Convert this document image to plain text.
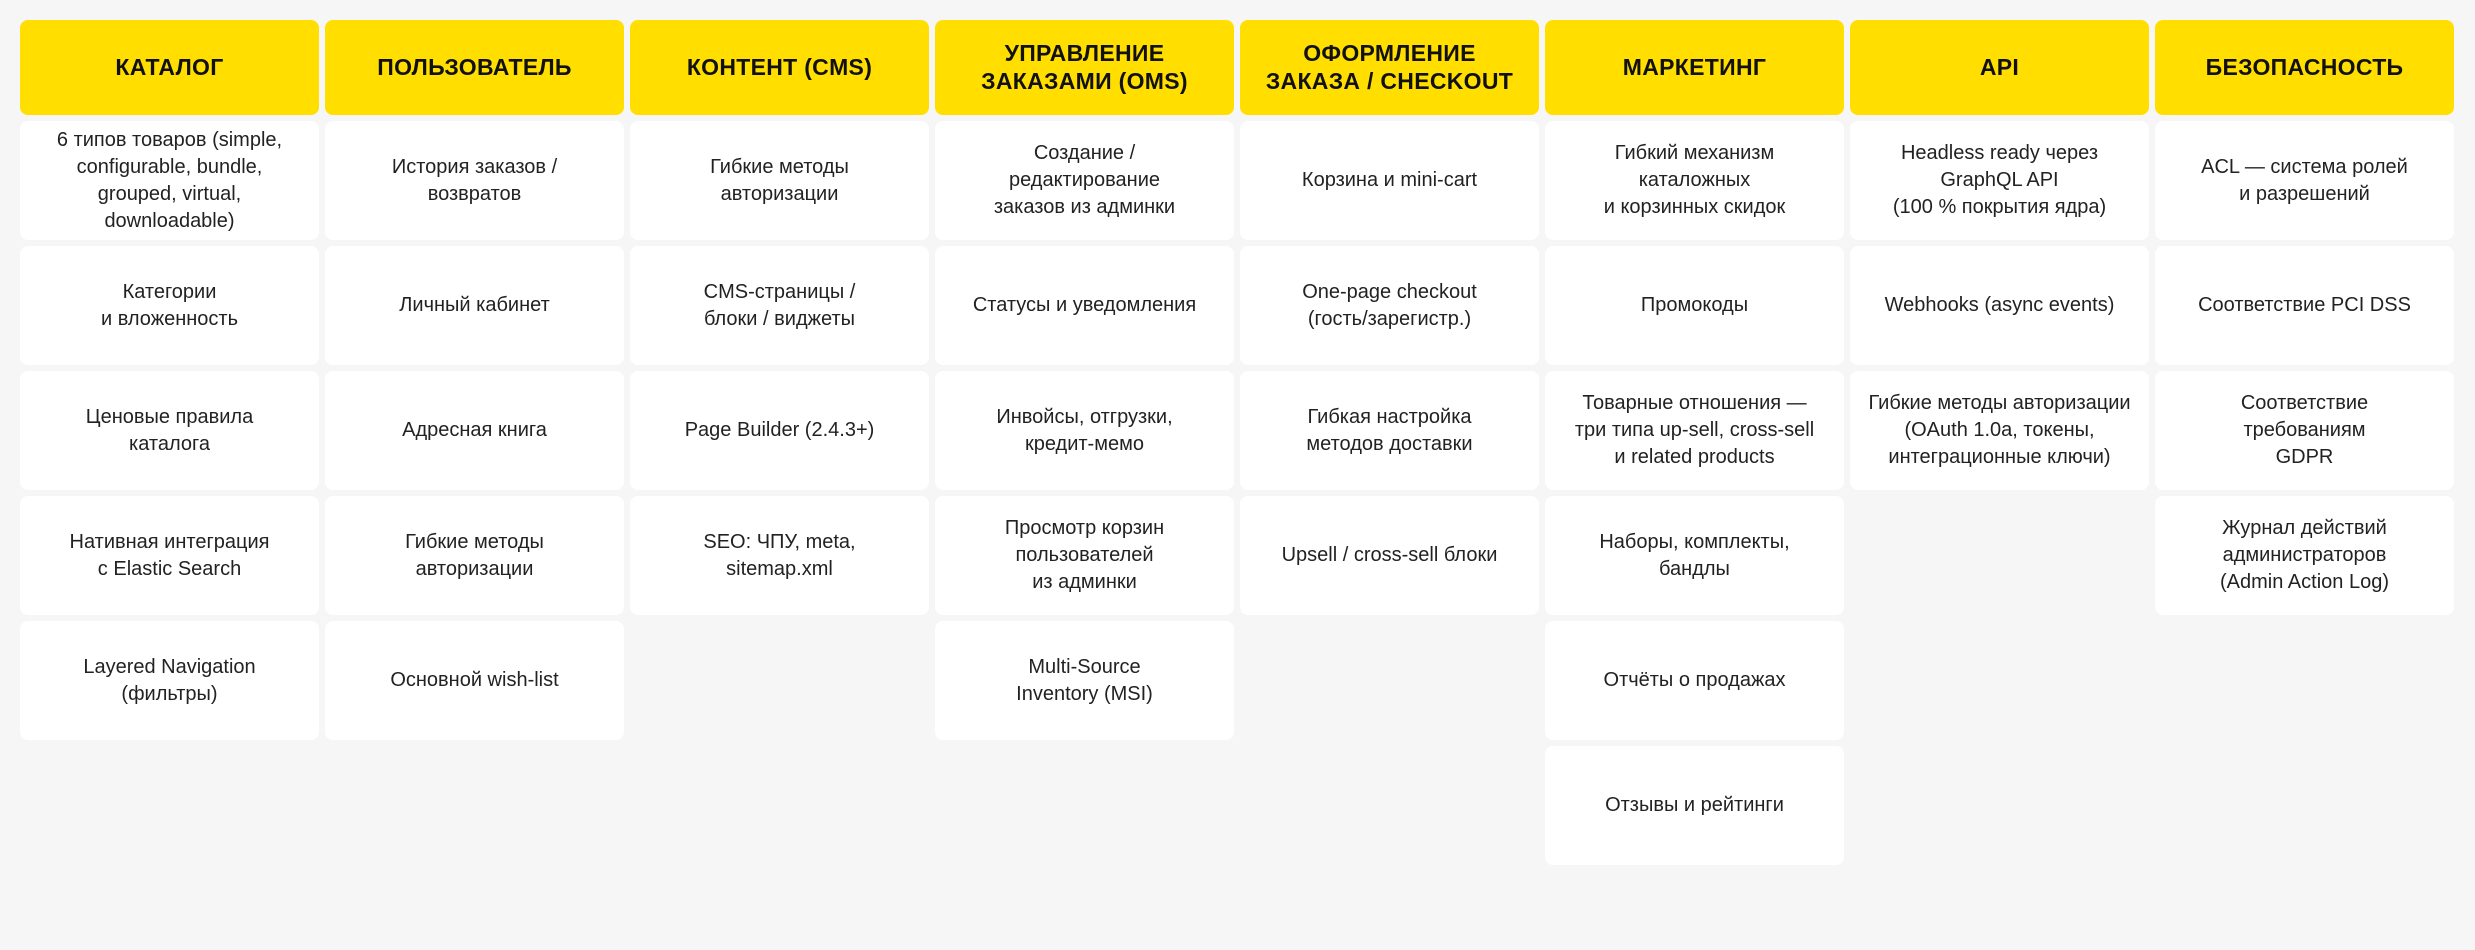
КАТАЛОГ
6 типов товаров (simple,
configurable, bundle,
grouped, virtual,
downloadable)
Категории
и вложенность
Ценовые правила
каталога
Нативная интеграция
с Elastic Search
Layered Navigation
(фильтры)
ПОЛЬЗОВАТЕЛЬ
История заказов /
возвратов
Личный кабинет
Адресная книга
Гибкие методы
авторизации
Основной wish-list
КОНТЕНТ (CMS)
Гибкие методы
авторизации
CMS-страницы /
блоки / виджеты
Page Builder (2.4.3+)
SEO: ЧПУ, meta,
sitemap.xml
УПРАВЛЕНИЕ
ЗАКАЗАМИ (OMS)
Создание /
редактирование
заказов из админки
Статусы и уведомления
Инвойсы, отгрузки,
кредит-мемо
Просмотр корзин
пользователей
из админки
Multi-Source
Inventory (MSI)
ОФОРМЛЕНИЕ
ЗАКАЗА / CHECKOUT
Корзина и mini-cart
One-page checkout
(гость/зарегистр.)
Гибкая настройка
методов доставки
Upsell / cross-sell блоки
МАРКЕТИНГ
Гибкий механизм
каталожных
и корзинных скидок
Промокоды
Товарные отношения —
три типа up-sell, cross-sell
и related products
Наборы, комплекты,
бандлы
Отчёты о продажах
Отзывы и рейтинги
API
Headless ready через
GraphQL API
(100 % покрытия ядра)
Webhooks (async events)
Гибкие методы авторизации
(OAuth 1.0a, токены,
интеграционные ключи)
БЕЗОПАСНОСТЬ
ACL — система ролей
и разрешений
Соответствие PCI DSS
Соответствие
требованиям
GDPR
Журнал действий
администраторов
(Admin Action Log)
